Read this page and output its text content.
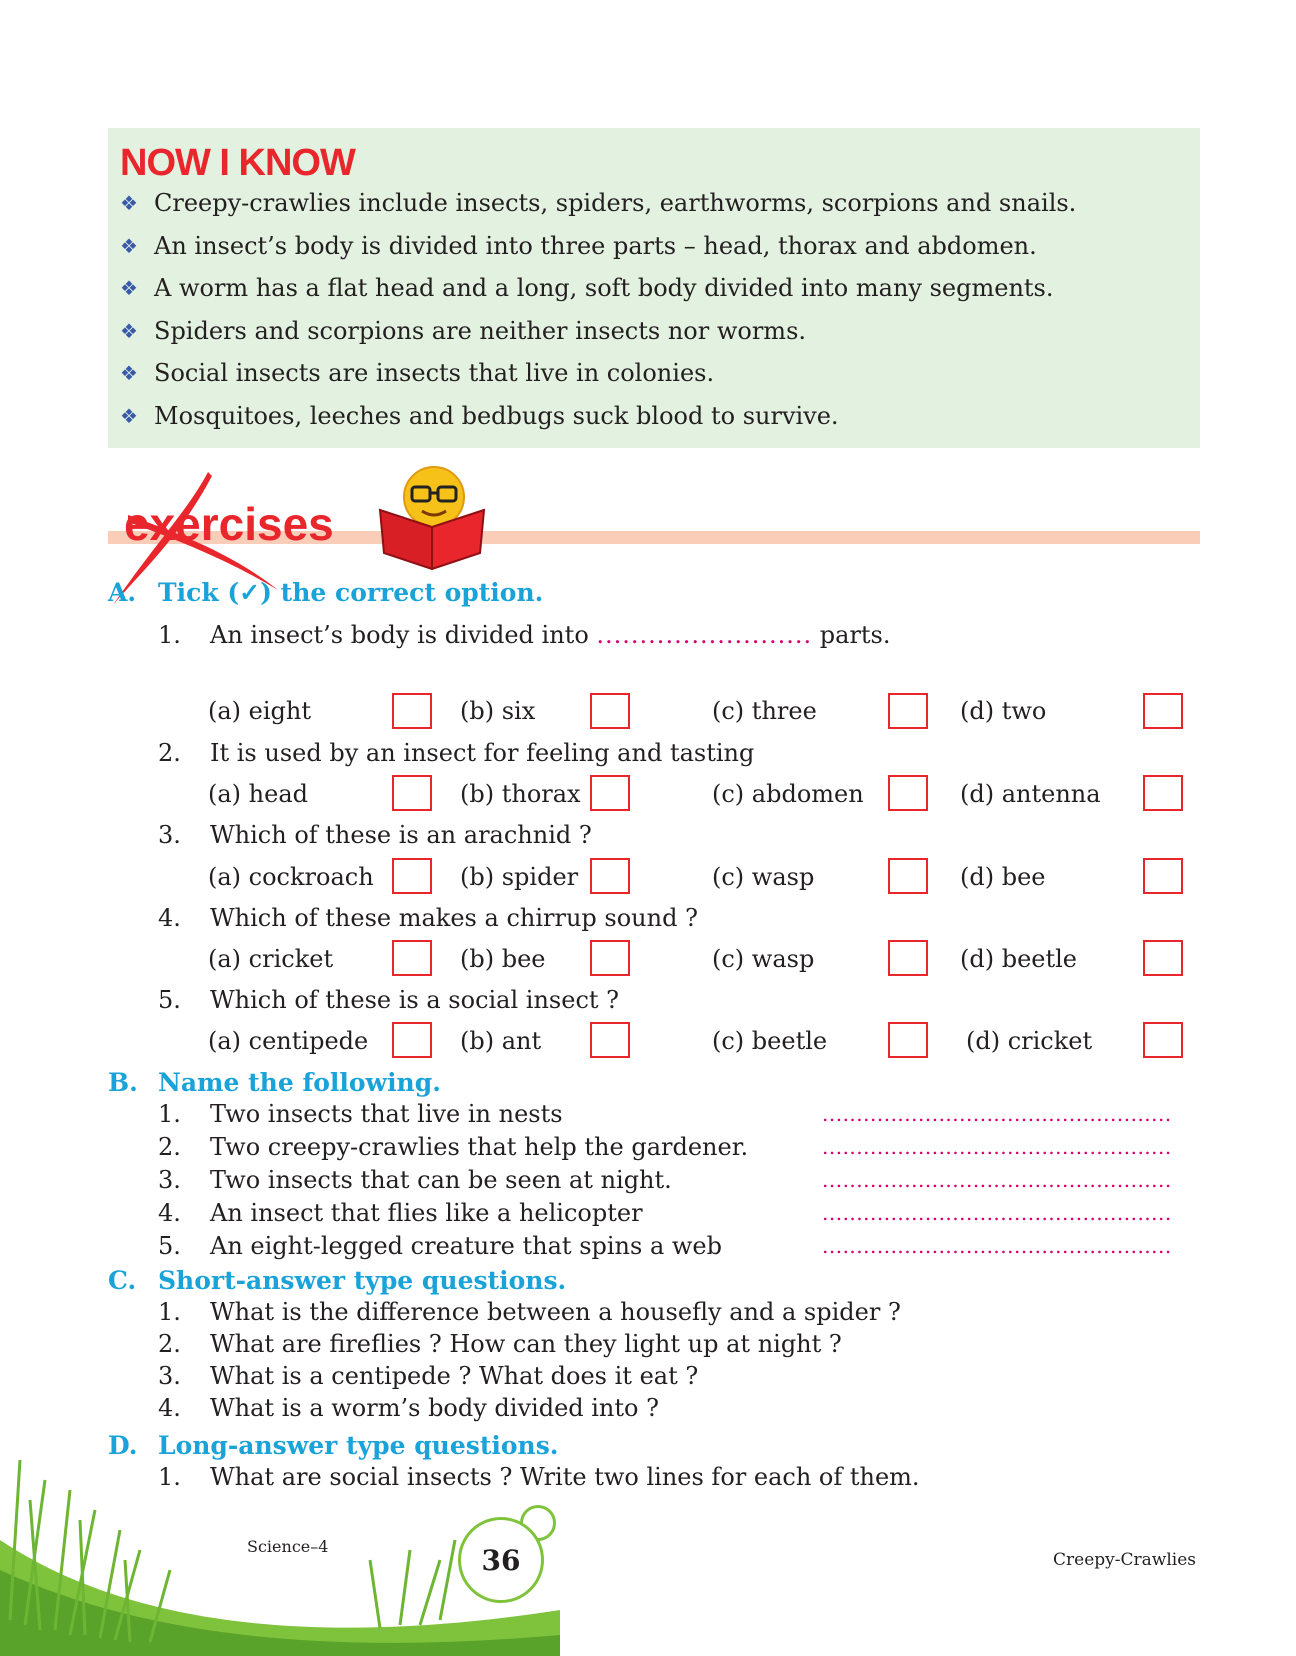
NOW I KNOW
❖ Creepy-crawlies include insects, spiders, earthworms, scorpions and snails.
❖ An insect’s body is divided into three parts – head, thorax and abdomen.
❖ A worm has a flat head and a long, soft body divided into many segments.
❖ Spiders and scorpions are neither insects nor worms.
❖ Social insects are insects that live in colonies.
❖ Mosquitoes, leeches and bedbugs suck blood to survive.
exercises
A. Tick (✓) the correct option.
1. An insect’s body is divided into ......................... parts.
(a) eight	(b) six	(c) three	(d) two
2. It is used by an insect for feeling and tasting
(a) head	(b) thorax	(c) abdomen	(d) antenna
3. Which of these is an arachnid ?
(a) cockroach	(b) spider	(c) wasp	(d) bee
4. Which of these makes a chirrup sound ?
(a) cricket	(b) bee	(c) wasp	(d) beetle
5. Which of these is a social insect ?
(a) centipede	(b) ant	(c) beetle	(d) cricket
B. Name the following.
1. Two insects that live in nests	...................................................
2. Two creepy-crawlies that help the gardener.	...................................................
3. Two insects that can be seen at night.	...................................................
4. An insect that flies like a helicopter	...................................................
5. An eight-legged creature that spins a web	...................................................
C. Short-answer type questions.
1. What is the difference between a housefly and a spider ?
2. What are fireflies ? How can they light up at night ?
3. What is a centipede ? What does it eat ?
4. What is a worm’s body divided into ?
D. Long-answer type questions.
1. What are social insects ? Write two lines for each of them.
Science–4	36	Creepy-Crawlies
